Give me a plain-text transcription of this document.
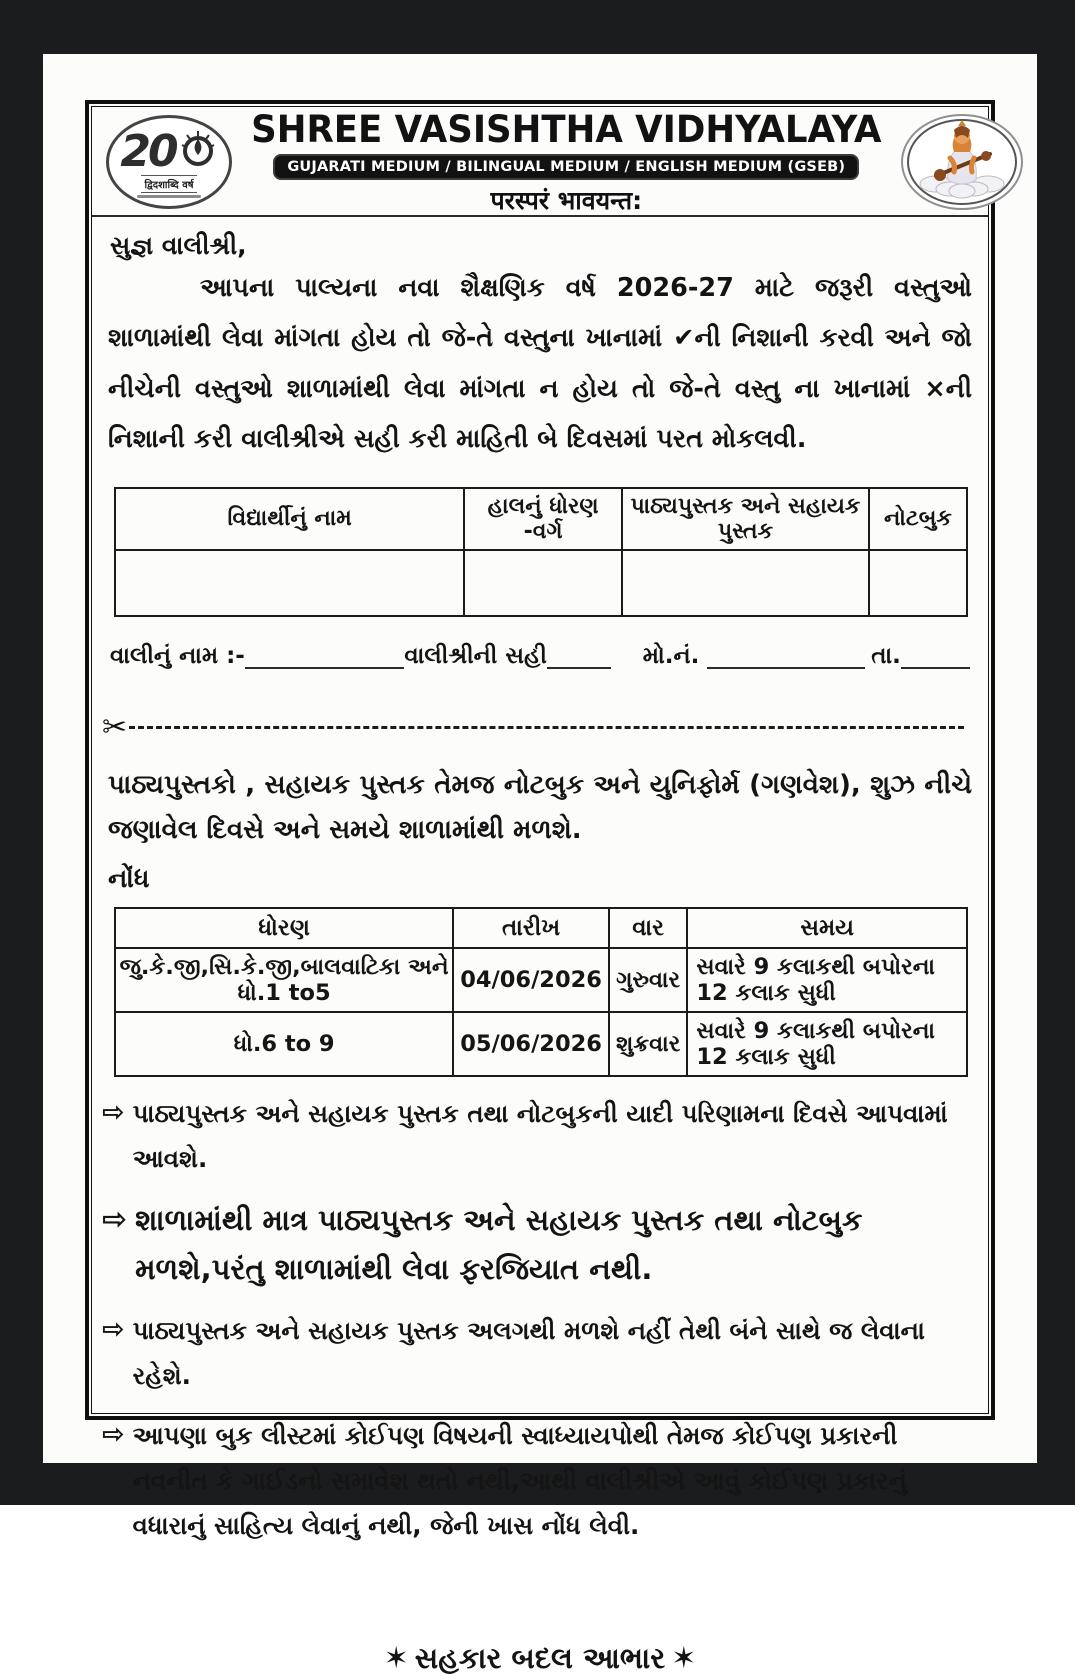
20
द्विदशाब्दि वर्ष
SHREE VASISHTHA VIDHYALAYA
GUJARATI MEDIUM / BILINGUAL MEDIUM / ENGLISH MEDIUM (GSEB)
परस्परं भावयन्त:
સુજ્ઞ વાલીશ્રી,
આપના પાલ્યના નવા શૈક્ષણિક વર્ષ 2026-27 માટે જરૂરી વસ્તુઓ શાળામાંથી લેવા માંગતા હોય તો જે-તે વસ્તુના ખાનામાં ✔ની નિશાની કરવી અને જો નીચેની વસ્તુઓ શાળામાંથી લેવા માંગતા ન હોય તો જે-તે વસ્તુ ના ખાનામાં ×ની નિશાની કરી વાલીશ્રીએ સહી કરી માહિતી બે દિવસમાં પરત મોકલવી.
વિદ્યાર્થીનું નામ	હાલનું ધોરણ -વર્ગ	પાઠ્યપુસ્તક અને સહાયક પુસ્તક	નોટબુક

વાલીનું નામ :-	વાલીશ્રીની સહી	મો.નં.	તા.
✂
પાઠ્યપુસ્તકો , સહાયક પુસ્તક તેમજ નોટબુક અને યુનિફોર્મ (ગણવેશ), શુઝ નીચે જણાવેલ દિવસે અને સમયે શાળામાંથી મળશે.
નોંધ
ધોરણ	તારીખ	વાર	સમય
જુ.કે.જી,સિ.કે.જી,બાલવાટિકા અને ધો.1 to5	04/06/2026	ગુરુવાર	સવારે 9 કલાકથી બપોરના 12 કલાક સુધી
ધો.6 to 9	05/06/2026	શુક્રવાર	સવારે 9 કલાકથી બપોરના 12 કલાક સુધી
⇨ પાઠ્યપુસ્તક અને સહાયક પુસ્તક તથા નોટબુકની યાદી પરિણામના દિવસે આપવામાં આવશે.
⇨ શાળામાંથી માત્ર પાઠ્યપુસ્તક અને સહાયક પુસ્તક તથા નોટબુક મળશે,પરંતુ શાળામાંથી લેવા ફરજિયાત નથી.
⇨ પાઠ્યપુસ્તક અને સહાયક પુસ્તક અલગથી મળશે નહીં તેથી બંને સાથે જ લેવાના રહેશે.
⇨ આપણા બુક લીસ્ટમાં કોઈપણ વિષયની સ્વાધ્યાયપોથી તેમજ કોઈપણ પ્રકારની નવનીત કે ગાઈડનો સમાવેશ થતો નથી,આથી વાલીશ્રીએ આવું કોઈપણ પ્રકારનું વધારાનું સાહિત્ય લેવાનું નથી, જેની ખાસ નોંધ લેવી.
✶ સહકાર બદલ આભાર ✶
